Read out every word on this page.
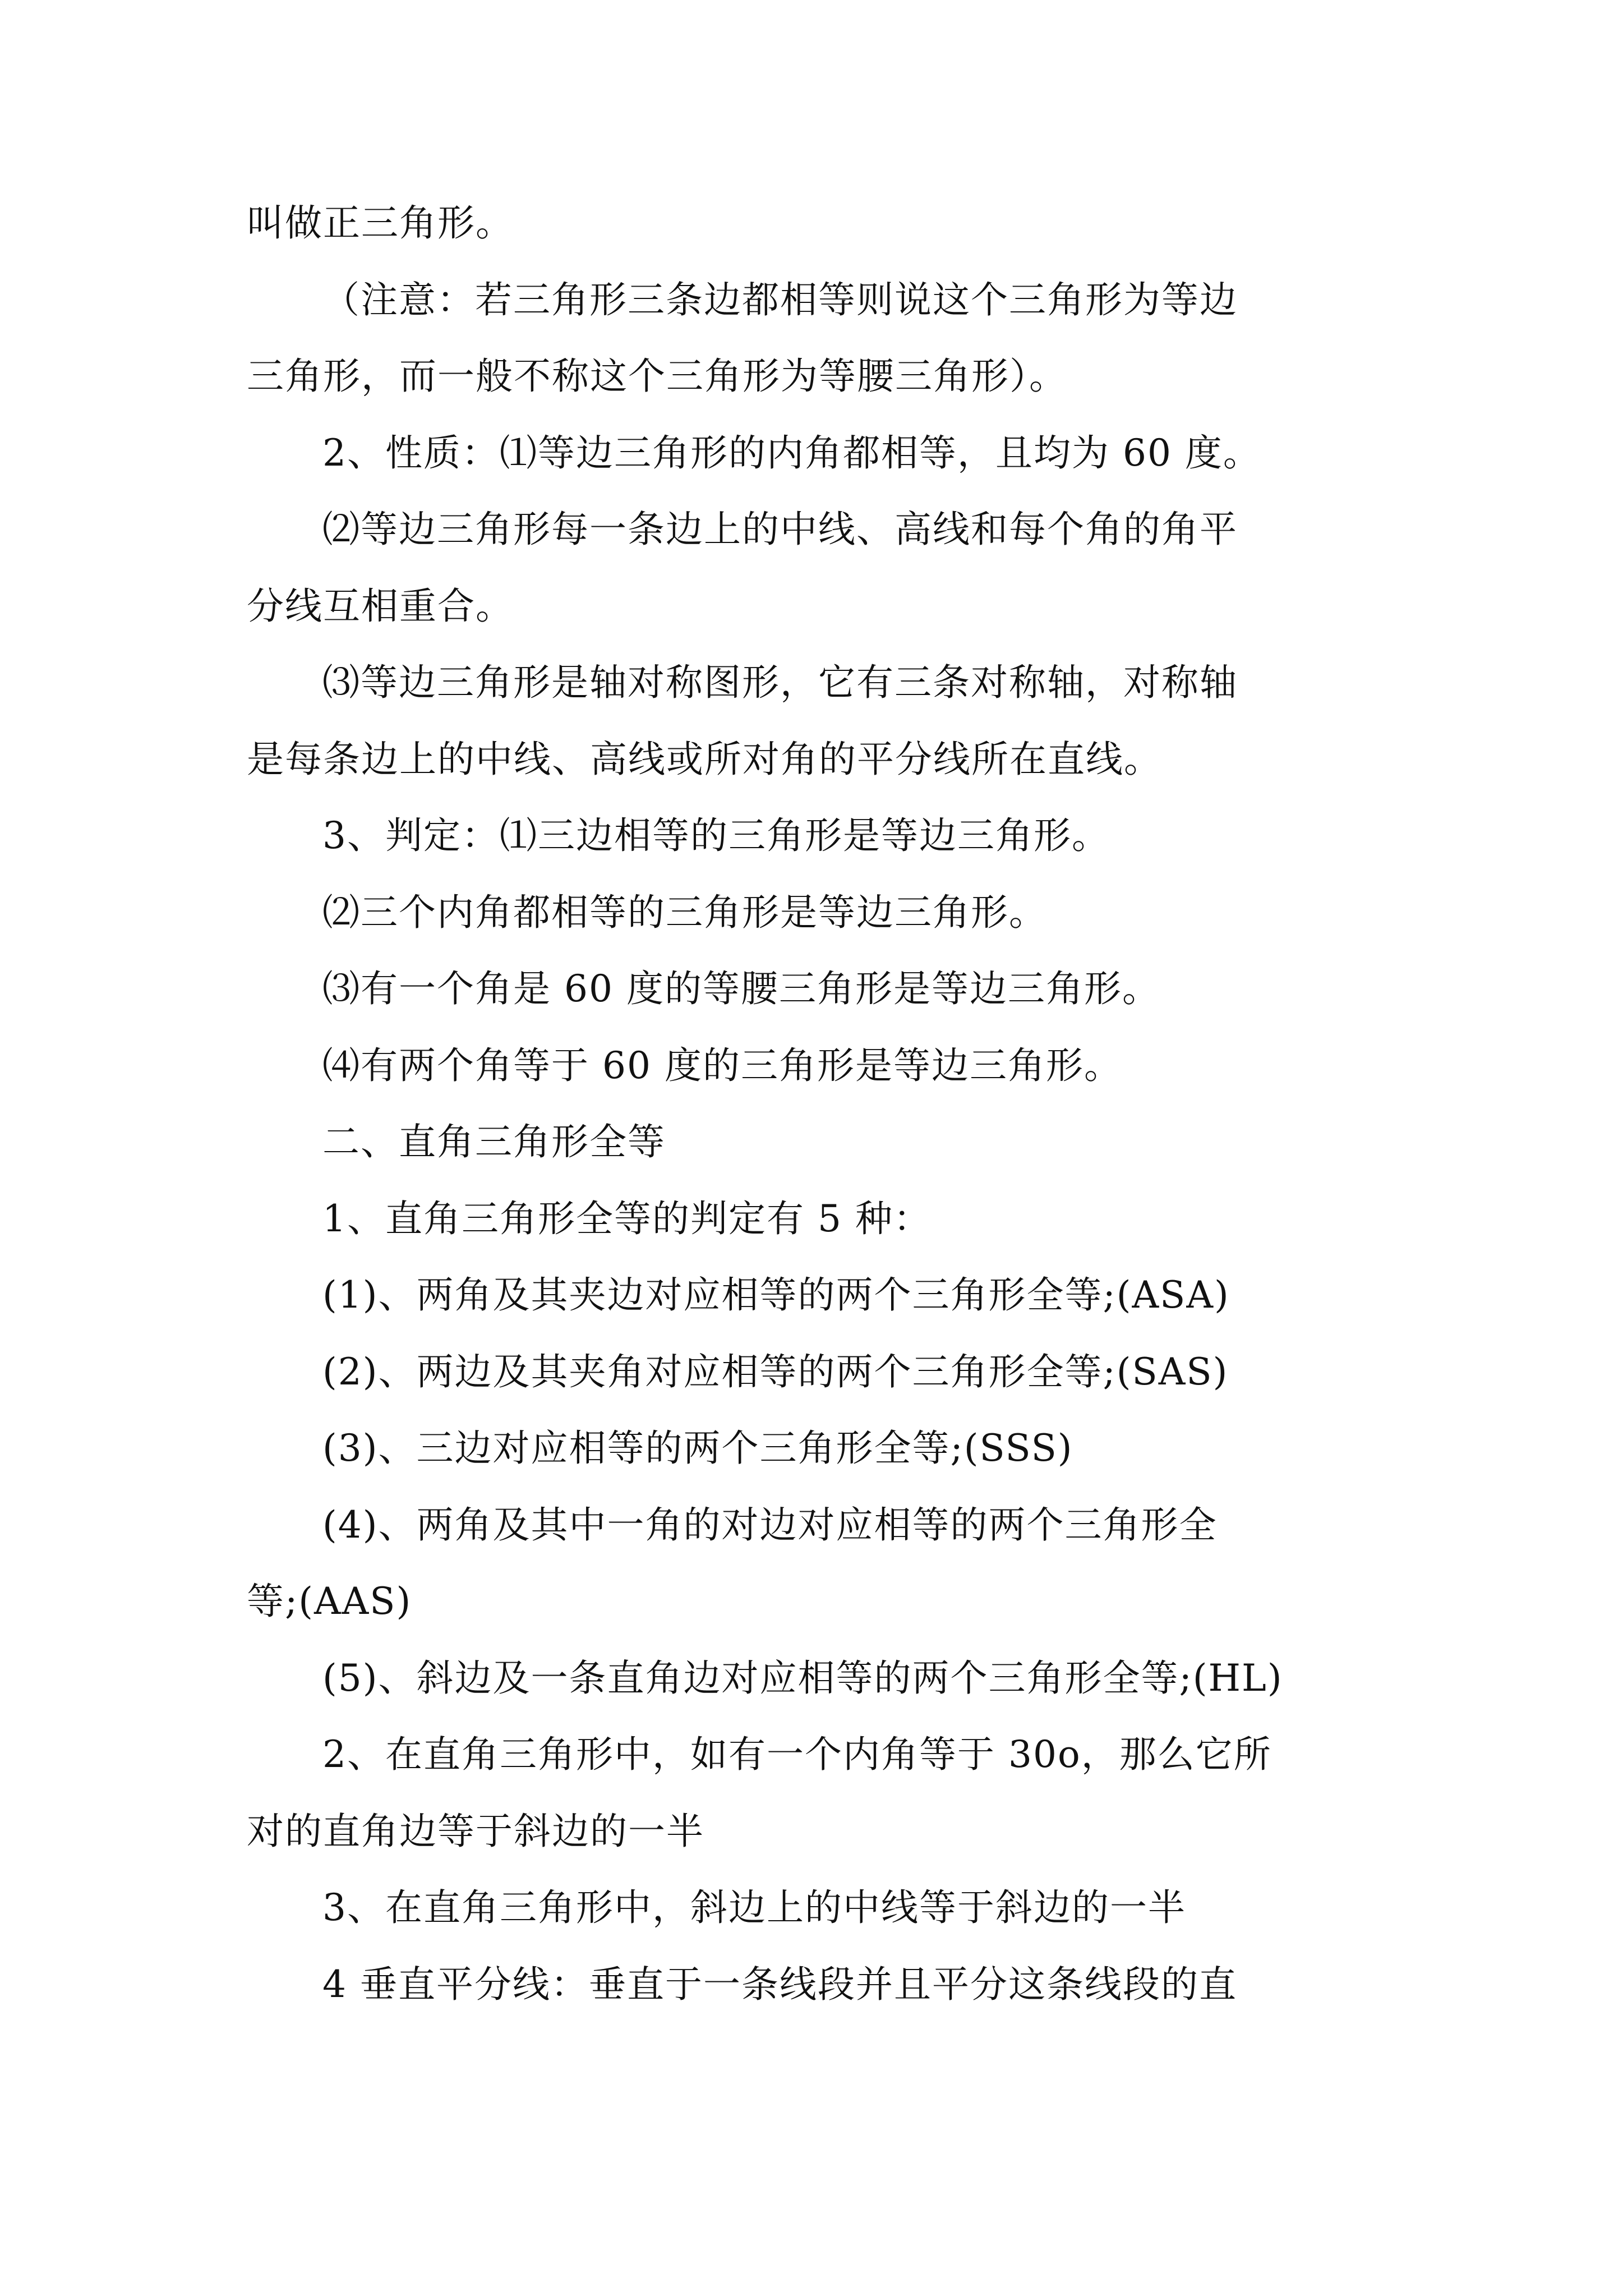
叫做正三角形。
（注意：若三角形三条边都相等则说这个三角形为等边
三角形，而一般不称这个三角形为等腰三角形）。
2、性质：⑴等边三角形的内角都相等，且均为 60 度。
⑵等边三角形每一条边上的中线、高线和每个角的角平
分线互相重合。
⑶等边三角形是轴对称图形，它有三条对称轴，对称轴
是每条边上的中线、高线或所对角的平分线所在直线。
3、判定：⑴三边相等的三角形是等边三角形。
⑵三个内角都相等的三角形是等边三角形。
⑶有一个角是 60 度的等腰三角形是等边三角形。
⑷有两个角等于 60 度的三角形是等边三角形。
二、直角三角形全等
1、直角三角形全等的判定有 5 种：
(1)、两角及其夹边对应相等的两个三角形全等;(ASA)
(2)、两边及其夹角对应相等的两个三角形全等;(SAS)
(3)、三边对应相等的两个三角形全等;(SSS)
(4)、两角及其中一角的对边对应相等的两个三角形全
等;(AAS)
(5)、斜边及一条直角边对应相等的两个三角形全等;(HL)
2、在直角三角形中，如有一个内角等于 30o，那么它所
对的直角边等于斜边的一半
3、在直角三角形中，斜边上的中线等于斜边的一半
4 垂直平分线：垂直于一条线段并且平分这条线段的直
